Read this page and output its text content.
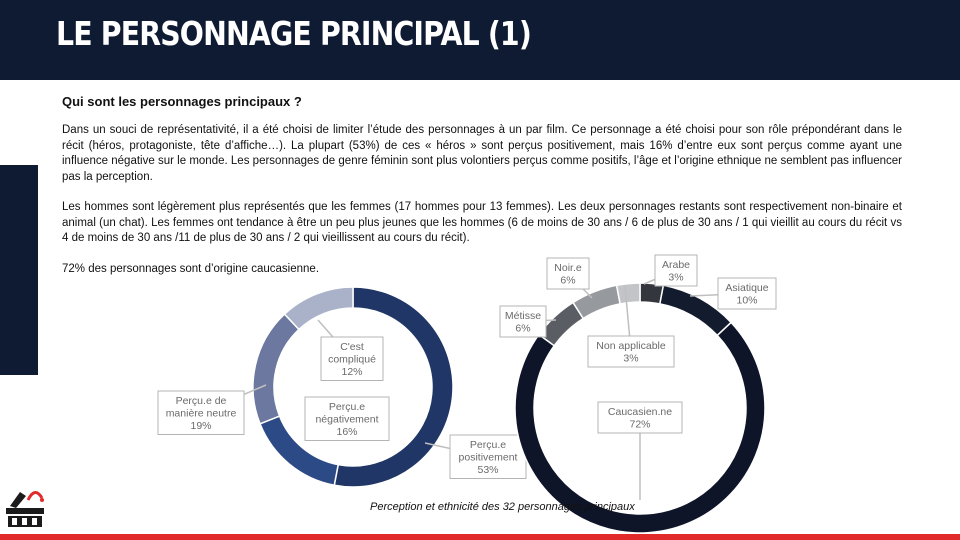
LE PERSONNAGE PRINCIPAL (1)
Qui sont les personnages principaux ?

Dans un souci de représentativité, il a été choisi de limiter l’étude des personnages à un par film. Ce personnage a été choisi pour son rôle prépondérant dans le récit (héros, protagoniste, tête d’affiche…). La plupart (53%) de ces « héros » sont perçus positivement, mais 16% d’entre eux sont perçus comme ayant une influence négative sur le monde. Les personnages de genre féminin sont plus volontiers perçus comme positifs, l’âge et l’origine ethnique ne semblent pas influencer pas la perception.

Les hommes sont légèrement plus représentés que les femmes (17 hommes pour 13 femmes). Les deux personnages restants sont respectivement non-binaire et animal (un chat). Les femmes ont tendance à être un peu plus jeunes que les hommes (6 de moins de 30 ans / 6 de plus de 30 ans / 1 qui vieillit au cours du récit vs 4 de moins de 30 ans /11 de plus de 30 ans / 2 qui vieillissent au cours du récit).

72% des personnages sont d’origine caucasienne.

Perçu.e
positivement
53%
Perçu.e
négativement
16%
Perçu.e de
manière neutre
19%
C'est
compliqué
12%
Arabe
3%
Asiatique
10%
Caucasien.ne
72%
Métisse
6%
Noir.e
6%
Non applicable
3%
Perception et ethnicité des 32 personnages principaux
